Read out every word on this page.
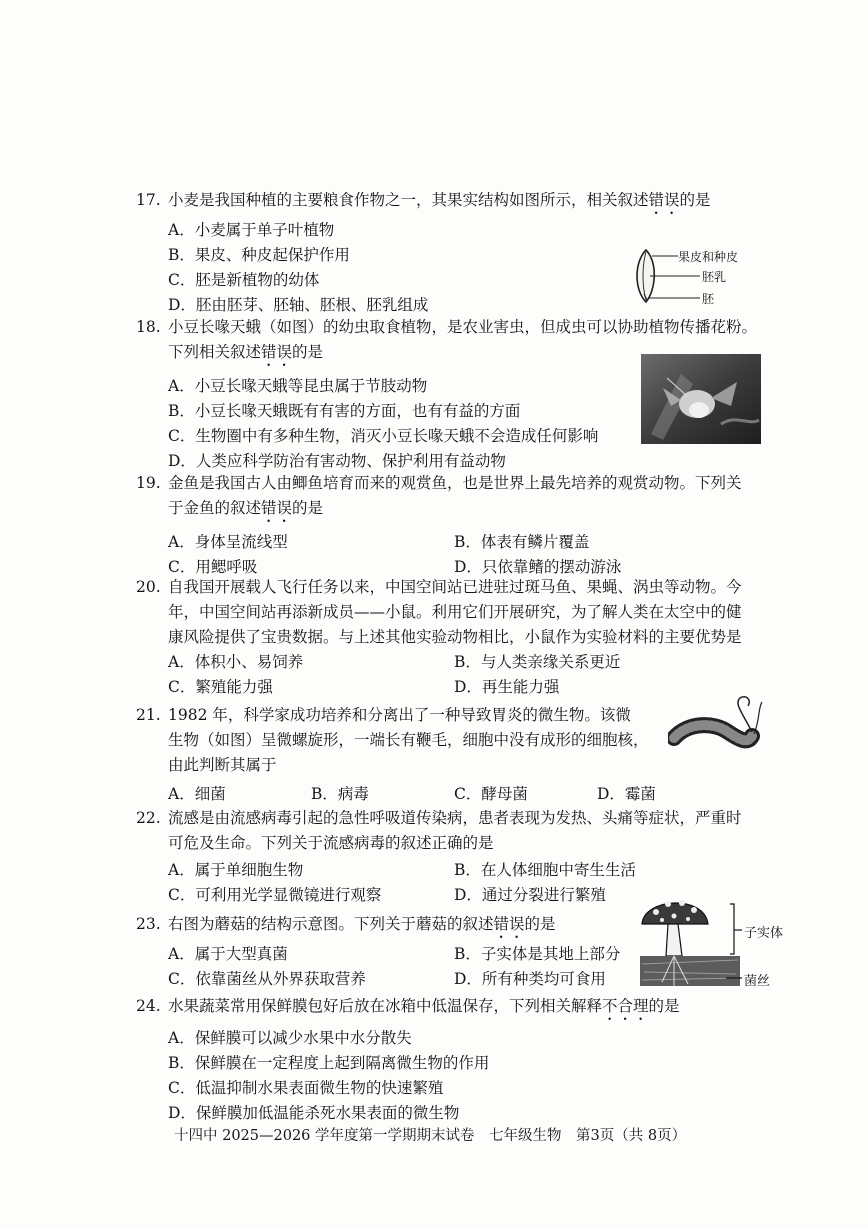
17. 小麦是我国种植的主要粮食作物之一，其果实结构如图所示，相关叙述错误的是
A．小麦属于单子叶植物
B．果皮、种皮起保护作用
C．胚是新植物的幼体
D．胚由胚芽、胚轴、胚根、胚乳组成
果皮和种皮
胚乳
胚
18. 小豆长喙天蛾（如图）的幼虫取食植物，是农业害虫，但成虫可以协助植物传播花粉。
下列相关叙述错误的是
A．小豆长喙天蛾等昆虫属于节肢动物
B．小豆长喙天蛾既有有害的方面，也有有益的方面
C．生物圈中有多种生物，消灭小豆长喙天蛾不会造成任何影响
D．人类应科学防治有害动物、保护利用有益动物
19. 金鱼是我国古人由鲫鱼培育而来的观赏鱼，也是世界上最先培养的观赏动物。下列关
于金鱼的叙述错误的是
A．身体呈流线型	B．体表有鳞片覆盖
C．用鳃呼吸	D．只依靠鳍的摆动游泳
20. 自我国开展载人飞行任务以来，中国空间站已进驻过斑马鱼、果蝇、涡虫等动物。今
年，中国空间站再添新成员——小鼠。利用它们开展研究，为了解人类在太空中的健
康风险提供了宝贵数据。与上述其他实验动物相比，小鼠作为实验材料的主要优势是
A．体积小、易饲养	B．与人类亲缘关系更近
C．繁殖能力强	D．再生能力强
21. 1982 年，科学家成功培养和分离出了一种导致胃炎的微生物。该微
生物（如图）呈微螺旋形，一端长有鞭毛，细胞中没有成形的细胞核，
由此判断其属于
A．细菌	B．病毒	C．酵母菌	D．霉菌
22. 流感是由流感病毒引起的急性呼吸道传染病，患者表现为发热、头痛等症状，严重时
可危及生命。下列关于流感病毒的叙述正确的是
A．属于单细胞生物	B．在人体细胞中寄生生活
C．可利用光学显微镜进行观察	D．通过分裂进行繁殖
23. 右图为蘑菇的结构示意图。下列关于蘑菇的叙述错误的是
A．属于大型真菌	B．子实体是其地上部分
C．依靠菌丝从外界获取营养	D．所有种类均可食用
子实体
菌丝
24. 水果蔬菜常用保鲜膜包好后放在冰箱中低温保存，下列相关解释不合理的是
A．保鲜膜可以减少水果中水分散失
B．保鲜膜在一定程度上起到隔离微生物的作用
C．低温抑制水果表面微生物的快速繁殖
D．保鲜膜加低温能杀死水果表面的微生物
十四中 2025—2026 学年度第一学期期末试卷　七年级生物　第3页（共 8页）
